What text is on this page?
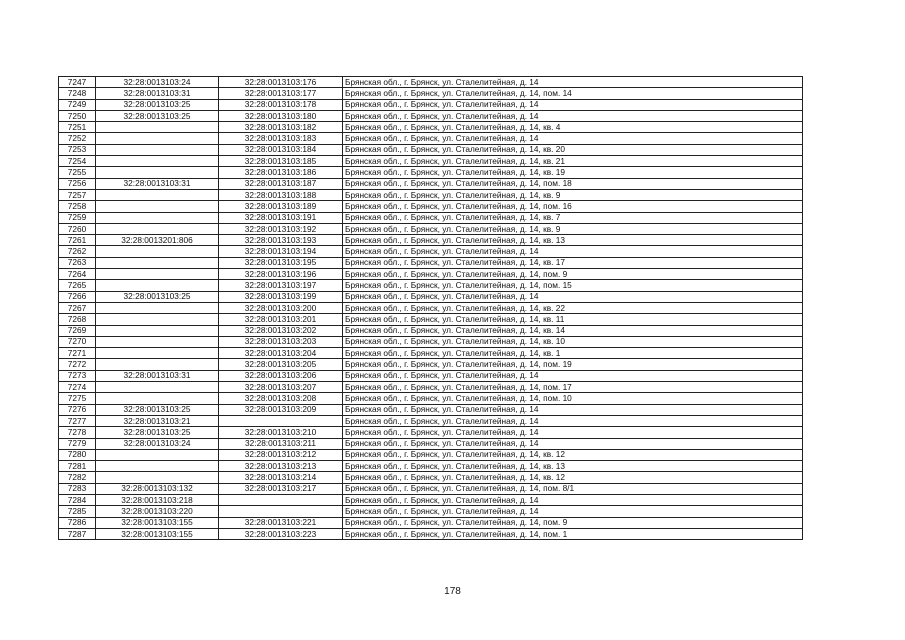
7247	32:28:0013103:24	32:28:0013103:176	Брянская обл., г. Брянск, ул. Сталелитейная, д. 14
7248	32:28:0013103:31	32:28:0013103:177	Брянская обл., г. Брянск, ул. Сталелитейная, д. 14, пом. 14
7249	32:28:0013103:25	32:28:0013103:178	Брянская обл., г. Брянск, ул. Сталелитейная, д. 14
7250	32:28:0013103:25	32:28:0013103:180	Брянская обл., г. Брянск, ул. Сталелитейная, д. 14
7251		32:28:0013103:182	Брянская обл., г. Брянск, ул. Сталелитейная, д. 14, кв. 4
7252		32:28:0013103:183	Брянская обл., г. Брянск, ул. Сталелитейная, д. 14
7253		32:28:0013103:184	Брянская обл., г. Брянск, ул. Сталелитейная, д. 14, кв. 20
7254		32:28:0013103:185	Брянская обл., г. Брянск, ул. Сталелитейная, д. 14, кв. 21
7255		32:28:0013103:186	Брянская обл., г. Брянск, ул. Сталелитейная, д. 14, кв. 19
7256	32:28:0013103:31	32:28:0013103:187	Брянская обл., г. Брянск, ул. Сталелитейная, д. 14, пом. 18
7257		32:28:0013103:188	Брянская обл., г. Брянск, ул. Сталелитейная, д. 14, кв. 9
7258		32:28:0013103:189	Брянская обл., г. Брянск, ул. Сталелитейная, д. 14, пом. 16
7259		32:28:0013103:191	Брянская обл., г. Брянск, ул. Сталелитейная, д. 14, кв. 7
7260		32:28:0013103:192	Брянская обл., г. Брянск, ул. Сталелитейная, д. 14, кв. 9
7261	32:28:0013201:806	32:28:0013103:193	Брянская обл., г. Брянск, ул. Сталелитейная, д. 14, кв. 13
7262		32:28:0013103:194	Брянская обл., г. Брянск, ул. Сталелитейная, д. 14
7263		32:28:0013103:195	Брянская обл., г. Брянск, ул. Сталелитейная, д. 14, кв. 17
7264		32:28:0013103:196	Брянская обл., г. Брянск, ул. Сталелитейная, д. 14, пом. 9
7265		32:28:0013103:197	Брянская обл., г. Брянск, ул. Сталелитейная, д. 14, пом. 15
7266	32:28:0013103:25	32:28:0013103:199	Брянская обл., г. Брянск, ул. Сталелитейная, д. 14
7267		32:28:0013103:200	Брянская обл., г. Брянск, ул. Сталелитейная, д. 14, кв. 22
7268		32:28:0013103:201	Брянская обл., г. Брянск, ул. Сталелитейная, д. 14, кв. 11
7269		32:28:0013103:202	Брянская обл., г. Брянск, ул. Сталелитейная, д. 14, кв. 14
7270		32:28:0013103:203	Брянская обл., г. Брянск, ул. Сталелитейная, д. 14, кв. 10
7271		32:28:0013103:204	Брянская обл., г. Брянск, ул. Сталелитейная, д. 14, кв. 1
7272		32:28:0013103:205	Брянская обл., г. Брянск, ул. Сталелитейная, д. 14, пом. 19
7273	32:28:0013103:31	32:28:0013103:206	Брянская обл., г. Брянск, ул. Сталелитейная, д. 14
7274		32:28:0013103:207	Брянская обл., г. Брянск, ул. Сталелитейная, д. 14, пом. 17
7275		32:28:0013103:208	Брянская обл., г. Брянск, ул. Сталелитейная, д. 14, пом. 10
7276	32:28:0013103:25	32:28:0013103:209	Брянская обл., г. Брянск, ул. Сталелитейная, д. 14
7277	32:28:0013103:21		Брянская обл., г. Брянск, ул. Сталелитейная, д. 14
7278	32:28:0013103:25	32:28:0013103:210	Брянская обл., г. Брянск, ул. Сталелитейная, д. 14
7279	32:28:0013103:24	32:28:0013103:211	Брянская обл., г. Брянск, ул. Сталелитейная, д. 14
7280		32:28:0013103:212	Брянская обл., г. Брянск, ул. Сталелитейная, д. 14, кв. 12
7281		32:28:0013103:213	Брянская обл., г. Брянск, ул. Сталелитейная, д. 14, кв. 13
7282		32:28:0013103:214	Брянская обл., г. Брянск, ул. Сталелитейная, д. 14, кв. 12
7283	32:28:0013103:132	32:28:0013103:217	Брянская обл., г. Брянск, ул. Сталелитейная, д. 14, пом. 8/1
7284	32:28:0013103:218		Брянская обл., г. Брянск, ул. Сталелитейная, д. 14
7285	32:28:0013103:220		Брянская обл., г. Брянск, ул. Сталелитейная, д. 14
7286	32:28:0013103:155	32:28:0013103:221	Брянская обл., г. Брянск, ул. Сталелитейная, д. 14, пом. 9
7287	32:28:0013103:155	32:28:0013103:223	Брянская обл., г. Брянск, ул. Сталелитейная, д. 14, пом. 1
178
